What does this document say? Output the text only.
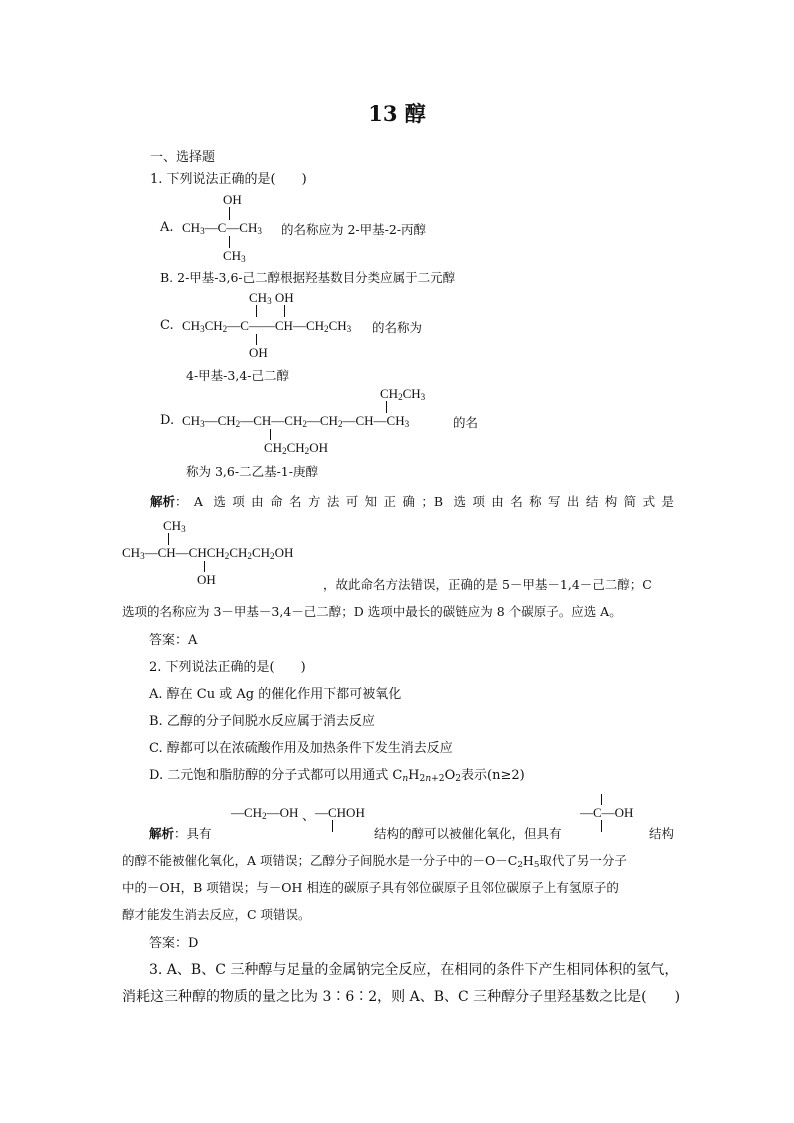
13 醇
一、选择题
1. 下列说法正确的是(　　)
A.
OH
$CH_3—C—CH_3$
$CH_3$
的名称应为 2-甲基-2-丙醇
B. 2-甲基-3,6-己二醇根据羟基数目分类应属于二元醇
C.
$CH_3$ OH
$CH_3CH_2—C——CH—CH_2CH_3$
OH
的名称为
4-甲基-3,4-己二醇
D.
$CH_2CH_3$
$CH_3—CH_2—CH—CH_2—CH_2—CH—CH_3$
$CH_2CH_2OH$
的名
称为 3,6-二乙基-1-庚醇
解析 ：A 选项由命名方法可知正确；B 选项由名称写出结构简式是
$CH_3$
$CH_3—CH—CHCH_2CH_2CH_2OH$
OH	，故此命名方法错误，正确的是 5－甲基－1,4－己二醇；C
选项的名称应为 3－甲基－3,4－己二醇；D 选项中最长的碳链应为 8 个碳原子。应选 A。
答案：A
2. 下列说法正确的是(　　)
A. 醇在 Cu 或 Ag 的催化作用下都可被氧化
B. 乙醇的分子间脱水反应属于消去反应
C. 醇都可以在浓硫酸作用及加热条件下发生消去反应
D. 二元饱和脂肪醇的分子式都可以用通式 $C_nH_{2n+2}O_2$表示(n≥2)
$—CH_2—OH$ 、 —CHOH	—C—OH
解析：具有	结构的醇可以被催化氧化，但具有	结构
的醇不能被催化氧化，A 项错误；乙醇分子间脱水是一分子中的$-O-C_2H_5$取代了另一分子
中的－OH，B 项错误；与－OH 相连的碳原子具有邻位碳原子且邻位碳原子上有氢原子的
醇才能发生消去反应，C 项错误。
答案：D
3. A、B、C 三种醇与足量的金属钠完全反应，在相同的条件下产生相同体积的氢气，
消耗这三种醇的物质的量之比为 3∶6∶2，则 A、B、C 三种醇分子里羟基数之比是(　　)
